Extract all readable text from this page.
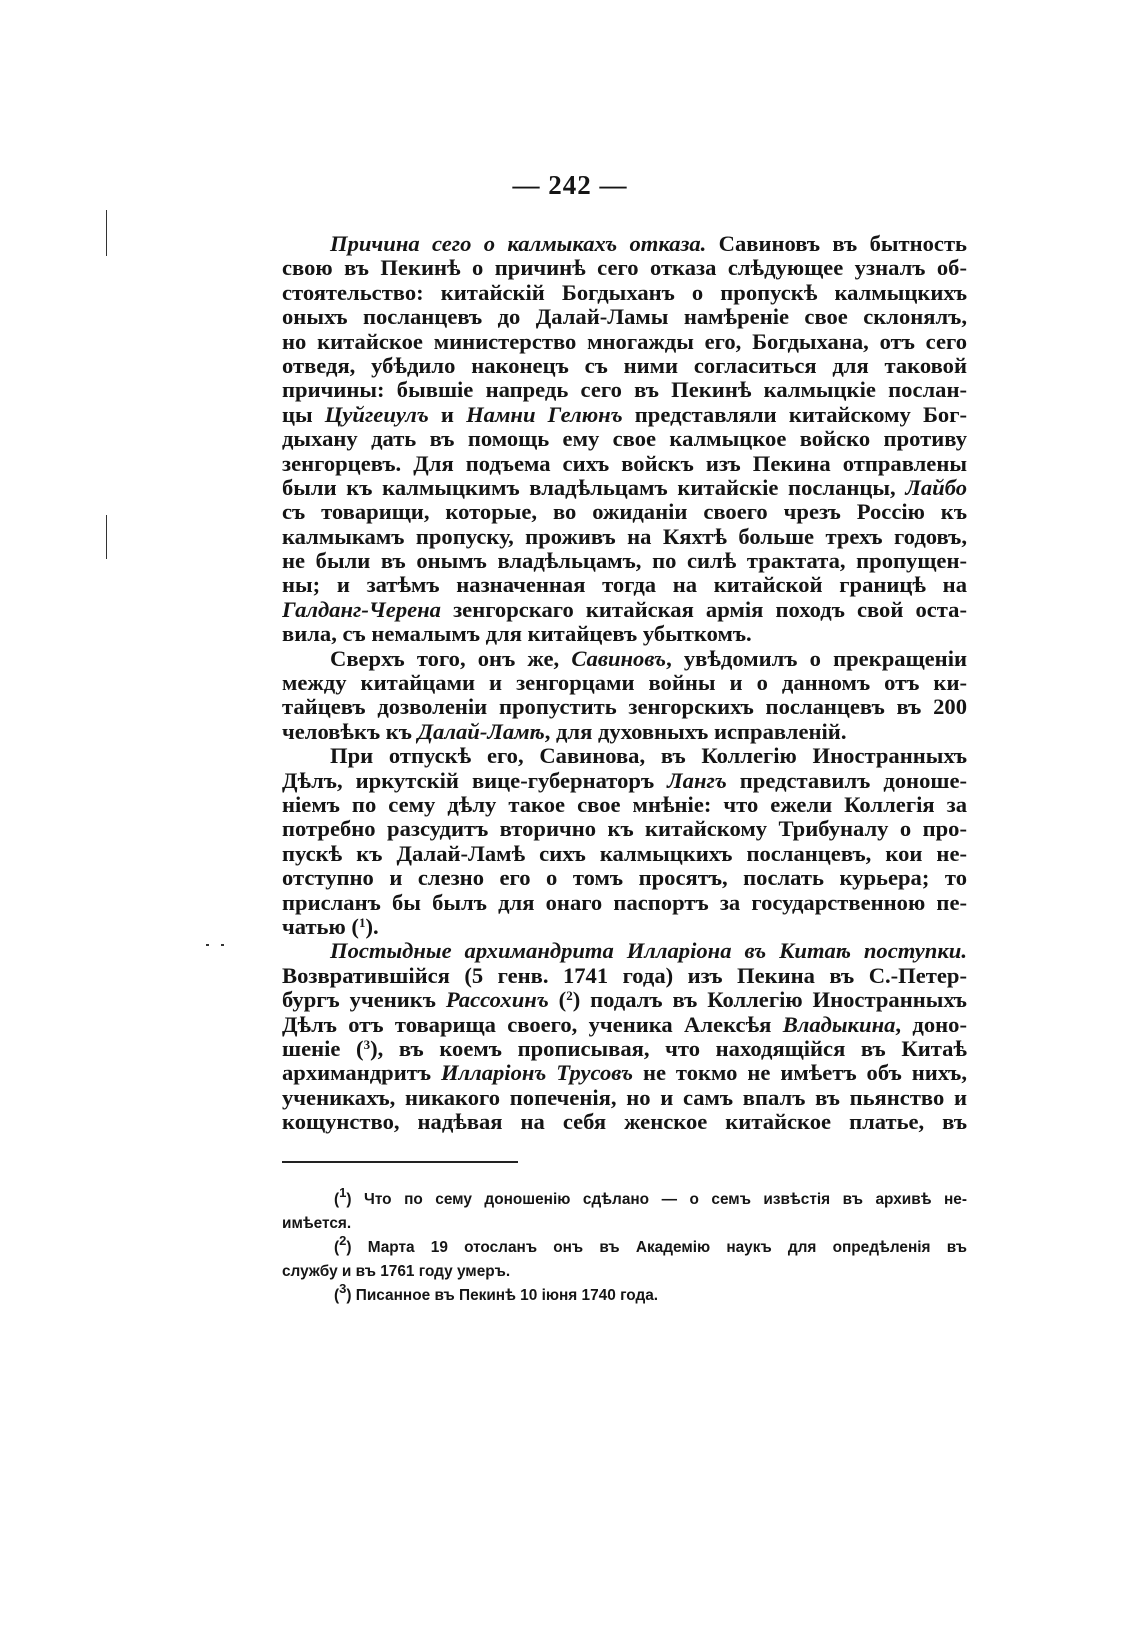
— 242 —
Причина сего о калмыкахъ отказа. Савиновъ въ бытность
свою въ Пекинѣ о причинѣ сего отказа слѣдующее узналъ об-
стоятельство: китайскій Богдыханъ о пропускѣ калмыцкихъ
оныхъ посланцевъ до Далай-Ламы намѣреніе свое склонялъ,
но китайское министерство многажды его, Богдыхана, отъ сего
отведя, убѣдило наконецъ съ ними согласиться для таковой
причины: бывшіе напредь сего въ Пекинѣ калмыцкіе послан-
цы Цуйгеиулъ и Намни Гелюнъ представляли китайскому Бог-
дыхану дать въ помощь ему свое калмыцкое войско противу
зенгорцевъ. Для подъема сихъ войскъ изъ Пекина отправлены
были къ калмыцкимъ владѣльцамъ китайскіе посланцы, Лайбо
съ товарищи, которые, во ожиданіи своего чрезъ Россію къ
калмыкамъ пропуску, проживъ на Кяхтѣ больше трехъ годовъ,
не были въ онымъ владѣльцамъ, по силѣ трактата, пропущен-
ны; и затѣмъ назначенная тогда на китайской границѣ на
Галданг-Черена зенгорскаго китайская армія походъ свой оста-
вила, съ немалымъ для китайцевъ убыткомъ.
Сверхъ того, онъ же, Савиновъ, увѣдомилъ о прекращеніи
между китайцами и зенгорцами войны и о данномъ отъ ки-
тайцевъ дозволеніи пропустить зенгорскихъ посланцевъ въ 200
человѣкъ къ Далай-Ламѣ, для духовныхъ исправленій.
При отпускѣ его, Савинова, въ Коллегію Иностранныхъ
Дѣлъ, иркутскій вице-губернаторъ Лангъ представилъ доноше-
ніемъ по сему дѣлу такое свое мнѣніе: что ежели Коллегія за
потребно разсудитъ вторично къ китайскому Трибуналу о про-
пускѣ къ Далай-Ламѣ сихъ калмыцкихъ посланцевъ, кои не-
отступно и слезно его о томъ просятъ, послать курьера; то
присланъ бы былъ для онаго паспортъ за государственною пе-
чатью ($^1$).
Постыдные архимандрита Илларіона въ Китаѣ поступки.
Возвратившійся (5 генв. 1741 года) изъ Пекина въ С.-Петер-
бургъ ученикъ Рассохинъ ($^2$) подалъ въ Коллегію Иностранныхъ
Дѣлъ отъ товарища своего, ученика Алексѣя Владыкина, доно-
шеніе ($^3$), въ коемъ прописывая, что находящійся въ Китаѣ
архимандритъ Илларіонъ Трусовъ не токмо не имѣетъ объ нихъ,
ученикахъ, никакого попеченія, но и самъ впалъ въ пьянство и
кощунство, надѣвая на себя женское китайское платье, въ
($^1$) Что по сему доношенію сдѣлано — о семъ извѣстія въ архивѣ не-
имѣется.
($^2$) Марта 19 отосланъ онъ въ Академію наукъ для опредѣленія въ
службу и въ 1761 году умеръ.
($^3$) Писанное въ Пекинѣ 10 іюня 1740 года.
